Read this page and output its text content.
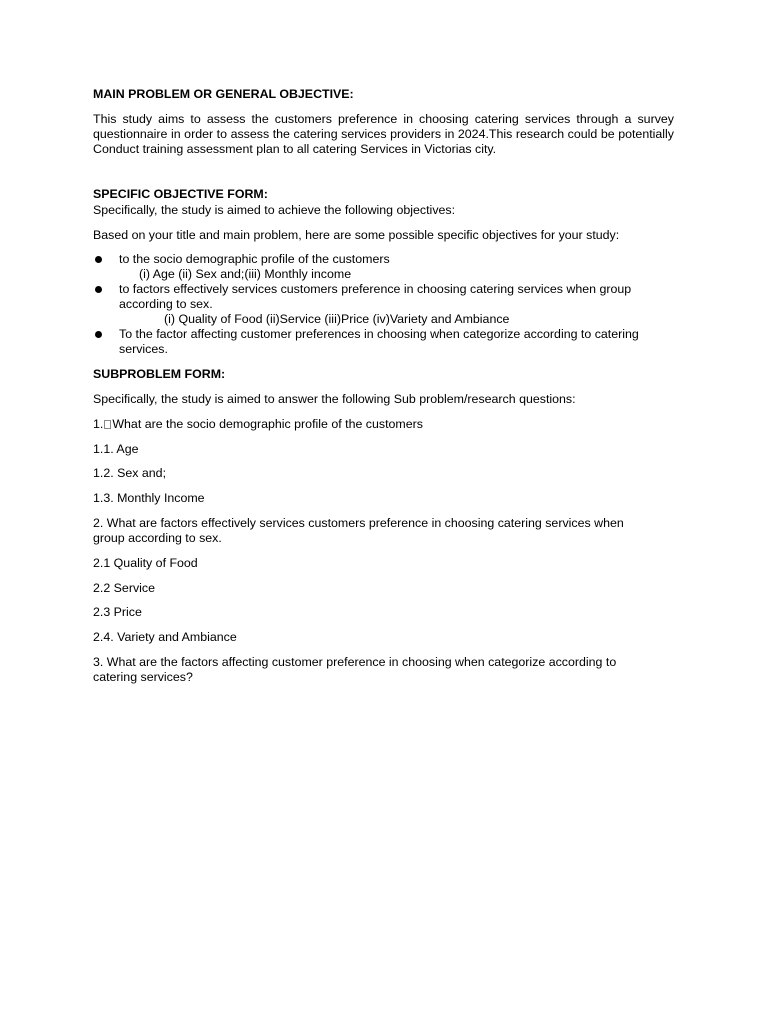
MAIN PROBLEM OR GENERAL OBJECTIVE:
This study aims to assess the customers preference in choosing catering services through a survey questionnaire in order to assess the catering services providers in 2024.This research could be potentially Conduct training assessment plan to all catering Services in Victorias city.
SPECIFIC OBJECTIVE FORM:
Specifically, the study is aimed to achieve the following objectives:
Based on your title and main problem, here are some possible specific objectives for your study:
to the socio demographic profile of the customers
(i) Age (ii) Sex and;(iii) Monthly income
to factors effectively services customers preference in choosing catering services when group according to sex.
(i) Quality of Food (ii)Service (iii)Price (iv)Variety and Ambiance
To the factor affecting customer preferences in choosing when categorize according to catering services.
SUBPROBLEM FORM:
Specifically, the study is aimed to answer the following Sub problem/research questions:
1. What are the socio demographic profile of the customers
1.1. Age
1.2. Sex and;
1.3. Monthly Income
2. What are factors effectively services customers preference in choosing catering services when group according to sex.
2.1 Quality of Food
2.2 Service
2.3 Price
2.4. Variety and Ambiance
3. What are the factors affecting customer preference in choosing when categorize according to catering services?
